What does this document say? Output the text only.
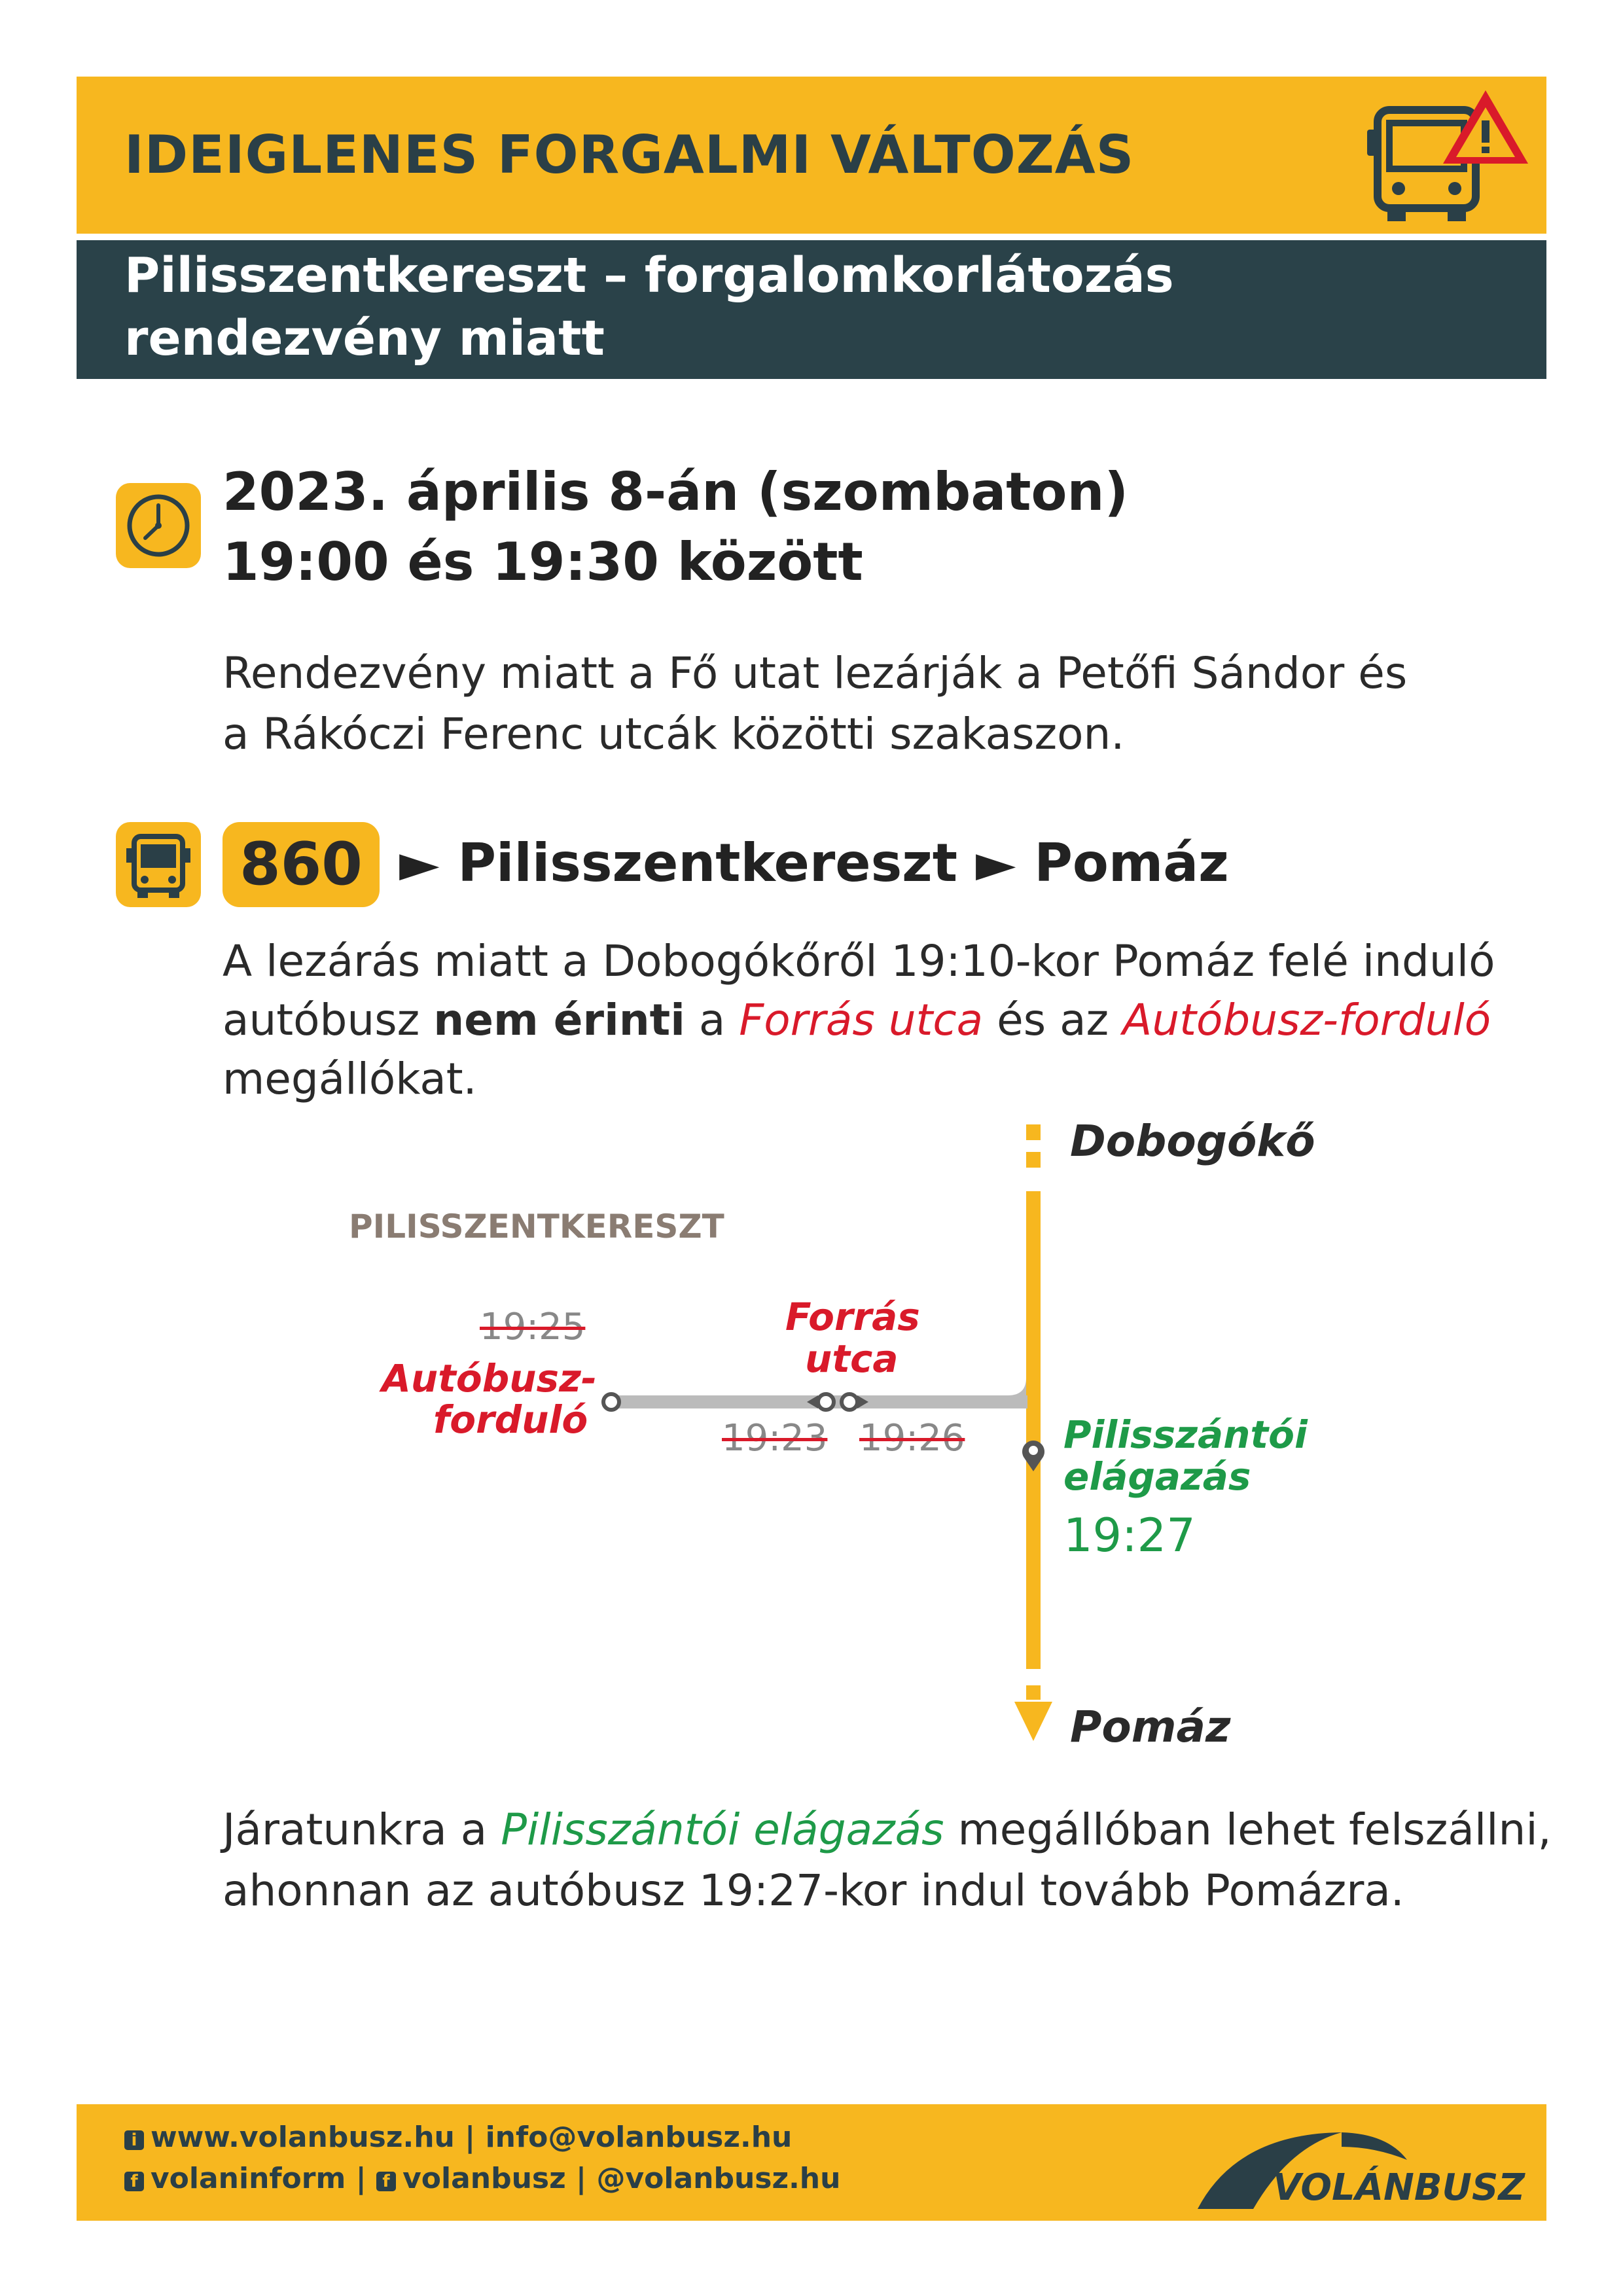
IDEIGLENES FORGALMI VÁLTOZÁS
Pilisszentkereszt – forgalomkorlátozás
rendezvény miatt
2023. április 8-án (szombaton)
19:00 és 19:30 között
Rendezvény miatt a Fő utat lezárják a Petőfi Sándor és
a Rákóczi Ferenc utcák közötti szakaszon.
860 ► Pilisszentkereszt ► Pomáz
A lezárás miatt a Dobogókőről 19:10-kor Pomáz felé induló
autóbusz nem érinti a Forrás utca és az Autóbusz-forduló
megállókat.
Dobogókő
PILISSZENTKERESZT
19:25
Autóbusz-
forduló
Forrás
utca
19:23 19:26	Pilisszántói
elágazás
19:27
Pomáz
Járatunkra a Pilisszántói elágazás megállóban lehet felszállni,
ahonnan az autóbusz 19:27-kor indul tovább Pomázra.
i www.volanbusz.hu | info@volanbusz.hu
f volaninform | f volanbusz | @volanbusz.hu	VOLÁNBUSZ
